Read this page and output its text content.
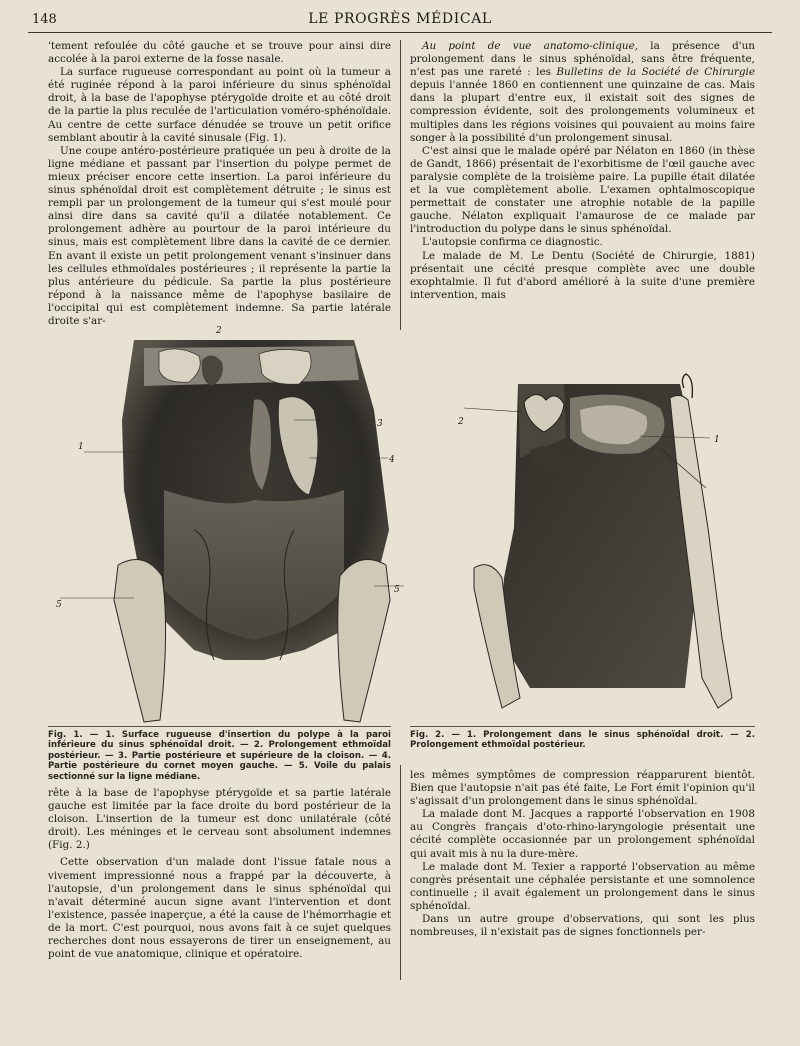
148	LE PROGRÈS MÉDICAL

'tement refoulée du côté gauche et se trouve pour ainsi dire accolée à la paroi externe de la fosse nasale.

La surface rugueuse correspondant au point où la tumeur a été ruginée répond à la paroi inférieure du sinus sphénoïdal droit, à la base de l'apophyse ptérygoïde droite et au côté droit de la partie la plus reculée de l'articulation voméro-sphénoïdale. Au centre de cette surface dénudée se trouve un petit orifice semblant aboutir à la cavité sinusale (Fig. 1).

Une coupe antéro-postérieure pratiquée un peu à droite de la ligne médiane et passant par l'insertion du polype permet de mieux préciser encore cette insertion. La paroi inférieure du sinus sphénoïdal droit est complètement détruite ; le sinus est rempli par un prolongement de la tumeur qui s'est moulé pour ainsi dire dans sa cavité qu'il a dilatée notablement. Ce prolongement adhère au pourtour de la paroi intérieure du sinus, mais est complètement libre dans la cavité de ce dernier. En avant il existe un petit prolongement venant s'insinuer dans les cellules ethmoïdales postérieures ; il représente la partie la plus antérieure du pédicule. Sa partie la plus postérieure répond à la naissance même de l'apophyse basilaire de l'occipital qui est complètement indemne. Sa partie latérale droite s'ar-

Au point de vue anatomo-clinique, la présence d'un prolongement dans le sinus sphénoïdal, sans être fréquente, n'est pas une rareté : les Bulletins de la Société de Chirurgie depuis l'année 1860 en contiennent une quinzaine de cas. Mais dans la plupart d'entre eux, il existait soit des signes de compression évidente, soit des prolongements volumineux et multiples dans les régions voisines qui pouvaient au moins faire songer à la possibilité d'un prolongement sinusal.

C'est ainsi que le malade opéré par Nélaton en 1860 (in thèse de Gandt, 1866) présentait de l'exorbitisme de l'œil gauche avec paralysie complète de la troisième paire. La pupille était dilatée et la vue complètement abolie. L'examen ophtalmoscopique permettait de constater une atrophie notable de la papille gauche. Nélaton expliquait l'amaurose de ce malade par l'introduction du polype dans le sinus sphénoïdal.

L'autopsie confirma ce diagnostic.

Le malade de M. Le Dentu (Société de Chirurgie, 1881) présentait une cécité presque complète avec une double exophtalmie. Il fut d'abord amélioré à la suite d'une première intervention, mais

2
1
3
4
5
5
2
1
Fig. 1. — 1. Surface rugueuse d'insertion du polype à la paroi inférieure du sinus sphénoïdal droit. — 2. Prolongement ethmoïdal postérieur. — 3. Partie postérieure et supérieure de la cloison. — 4. Partie postérieure du cornet moyen gauche. — 5. Voile du palais sectionné sur la ligne médiane.
Fig. 2. — 1. Prolongement dans le sinus sphénoïdal droit. — 2. Prolongement ethmoïdal postérieur.

rête à la base de l'apophyse ptérygoïde et sa partie latérale gauche est limitée par la face droite du bord postérieur de la cloison. L'insertion de la tumeur est donc unilatérale (côté droit). Les méninges et le cerveau sont absolument indemnes (Fig. 2.)

Cette observation d'un malade dont l'issue fatale nous a vivement impressionné nous a frappé par la découverte, à l'autopsie, d'un prolongement dans le sinus sphénoïdal qui n'avait déterminé aucun signe avant l'intervention et dont l'existence, passée inaperçue, a été la cause de l'hémorrhagie et de la mort. C'est pourquoi, nous avons fait à ce sujet quelques recherches dont nous essayerons de tirer un enseignement, au point de vue anatomique, clinique et opératoire.

les mêmes symptômes de compression réapparurent bientôt. Bien que l'autopsie n'ait pas été faite, Le Fort émit l'opinion qu'il s'agissait d'un prolongement dans le sinus sphénoïdal.

La malade dont M. Jacques a rapporté l'observation en 1908 au Congrès français d'oto-rhino-laryngologie présentait une cécité complète occasionnée par un prolongement sphénoïdal qui avait mis à nu la dure-mère.

Le malade dont M. Texier a rapporté l'observation au même congrès présentait une céphalée persistante et une somnolence continuelle ; il avait également un prolongement dans le sinus sphénoïdal.

Dans un autre groupe d'observations, qui sont les plus nombreuses, il n'existait pas de signes fonctionnels per-
